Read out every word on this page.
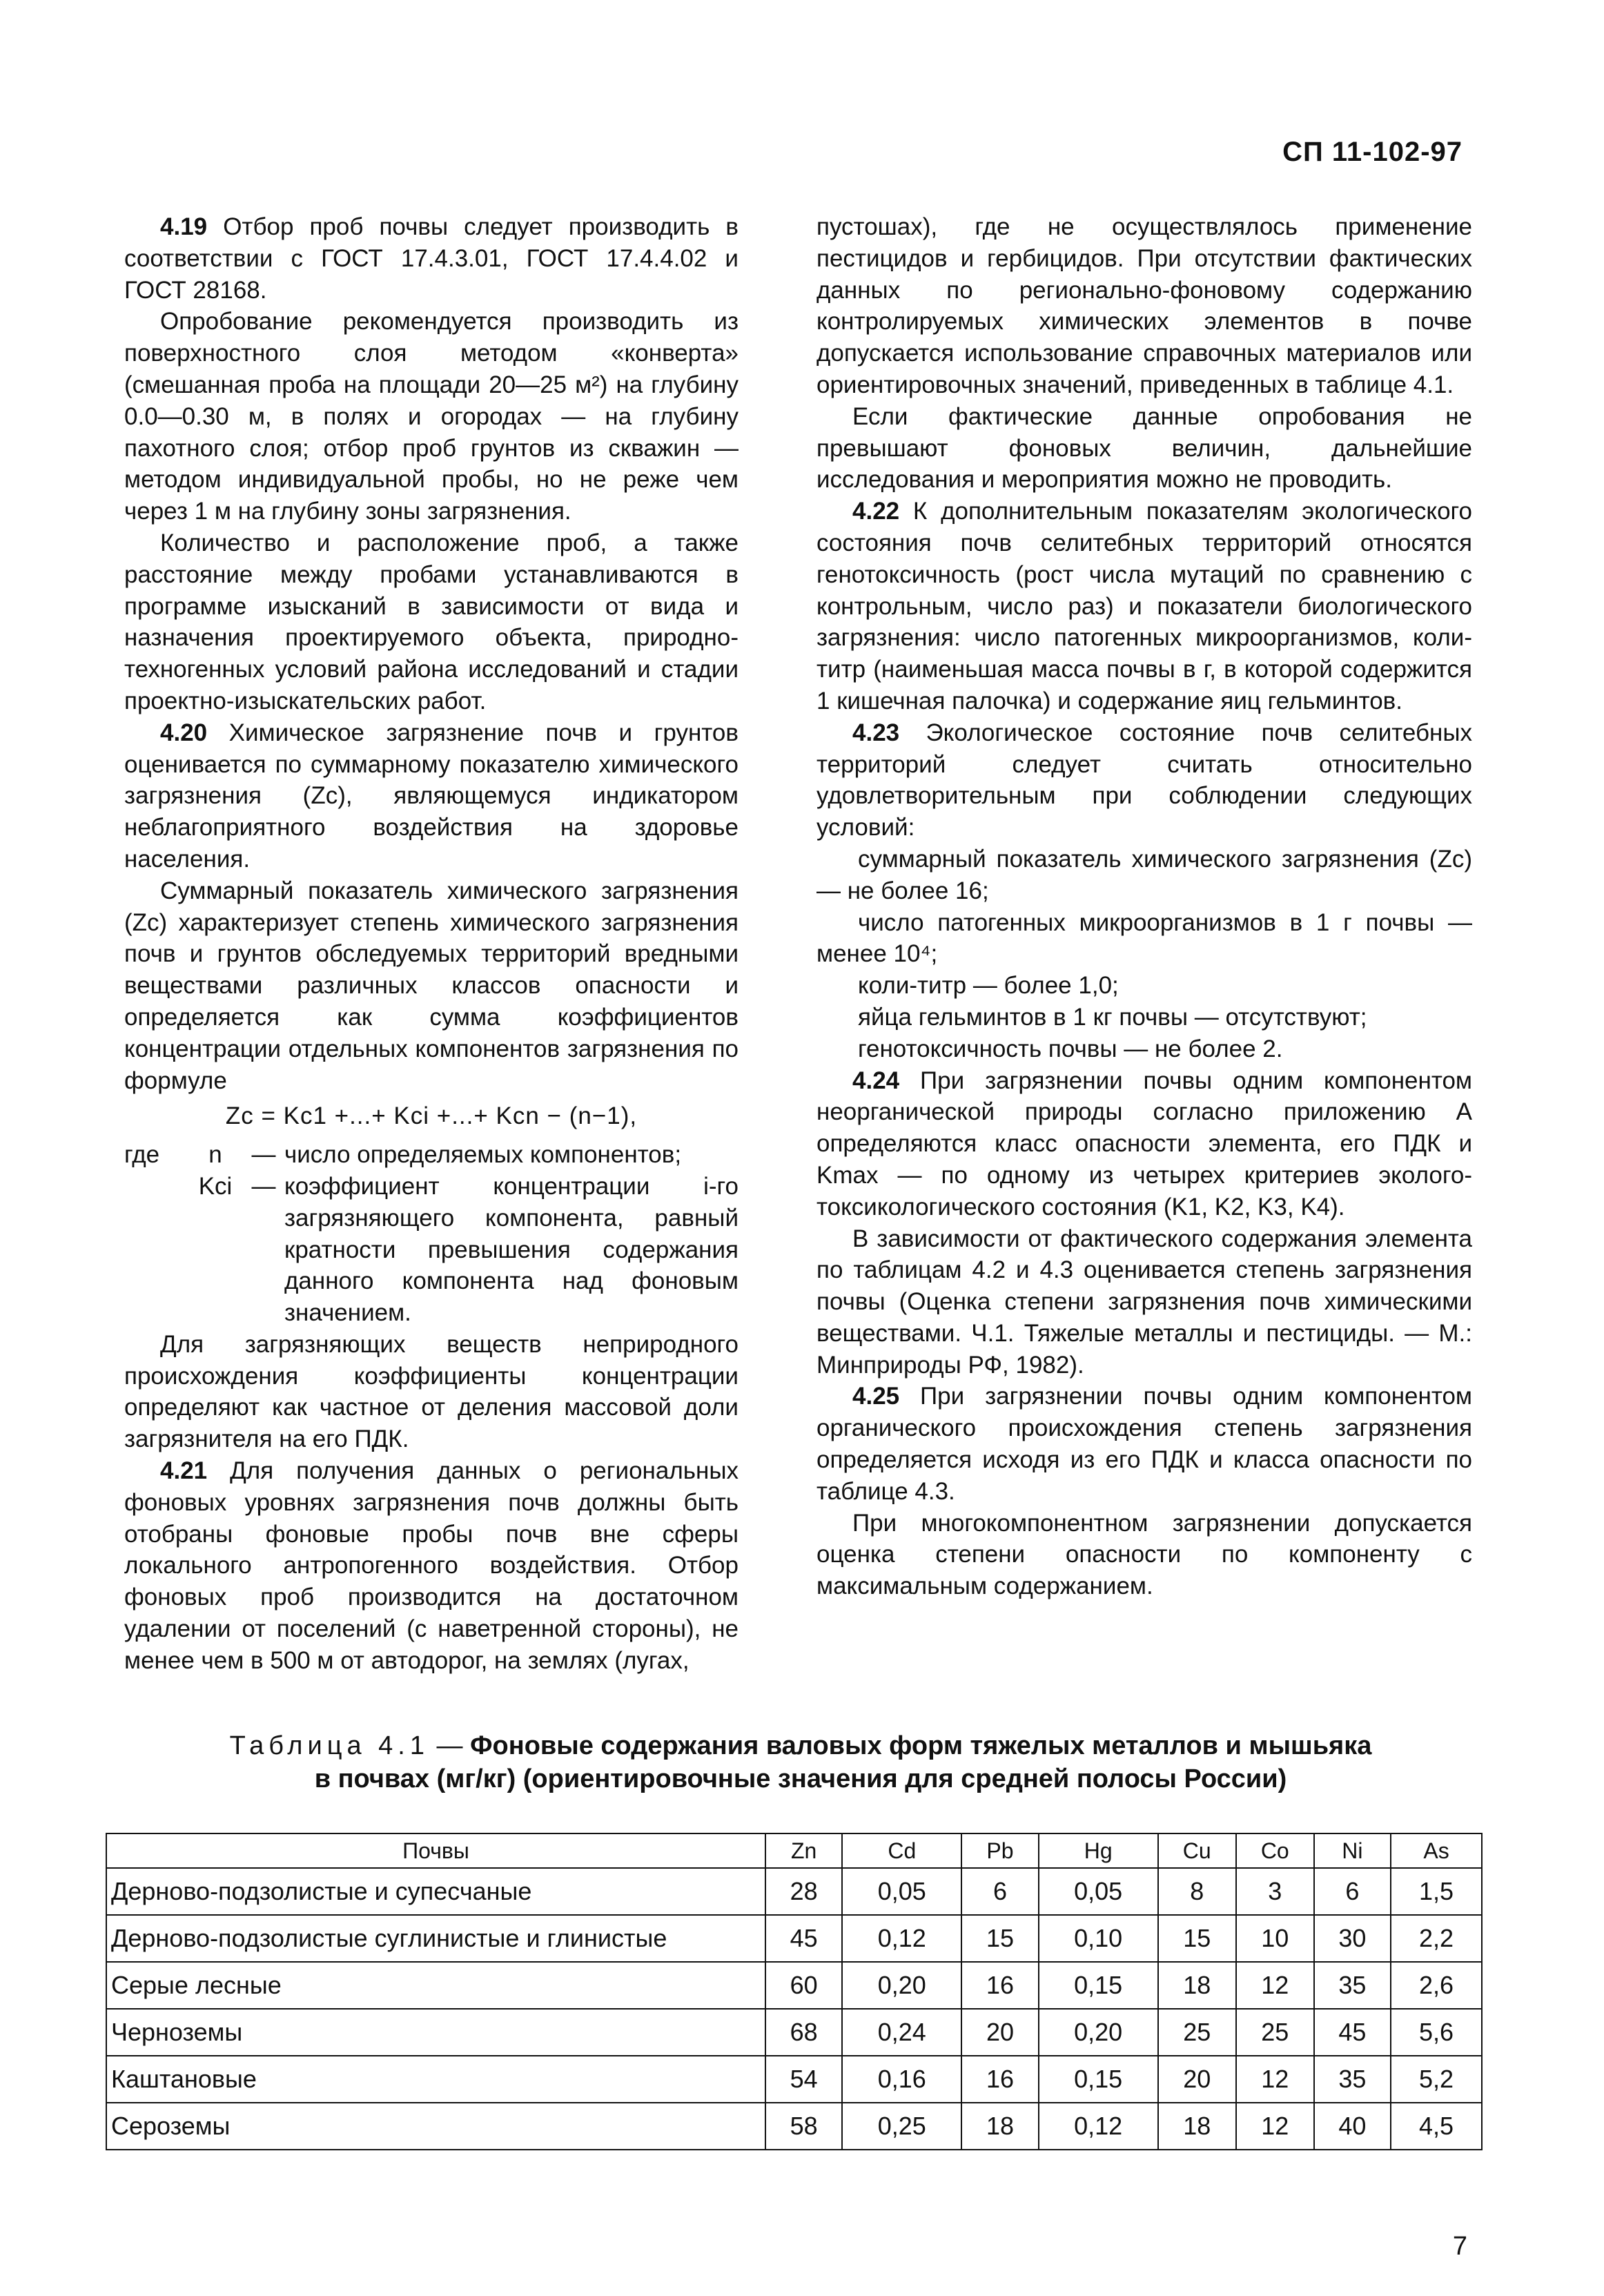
СП 11-102-97

4.19 Отбор проб почвы следует производить в соответствии с ГОСТ 17.4.3.01, ГОСТ 17.4.4.02 и ГОСТ 28168.

Опробование рекомендуется производить из поверхностного слоя методом «конверта» (смешанная проба на площади 20—25 м²) на глубину 0.0—0.30 м, в полях и огородах — на глубину пахотного слоя; отбор проб грунтов из скважин — методом индивидуальной пробы, но не реже чем через 1 м на глубину зоны загрязнения.

Количество и расположение проб, а также расстояние между пробами устанавливаются в программе изысканий в зависимости от вида и назначения проектируемого объекта, природно-техногенных условий района исследований и стадии проектно-изыскательских работ.

4.20 Химическое загрязнение почв и грунтов оценивается по суммарному показателю химического загрязнения (Zc), являющемуся индикатором неблагоприятного воздействия на здоровье населения.

Суммарный показатель химического загрязнения (Zc) характеризует степень химического загрязнения почв и грунтов обследуемых территорий вредными веществами различных классов опасности и определяется как сумма коэффициентов концентрации отдельных компонентов загрязнения по формуле

Zc = Kc1 +...+ Kci +...+ Kcn − (n−1),

где	n	— число определяемых компонентов;
Kci — коэффициент концентрации i-го загрязняющего компонента, равный кратности превышения содержания данного компонента над фоновым значением.

Для загрязняющих веществ неприродного происхождения коэффициенты концентрации определяют как частное от деления массовой доли загрязнителя на его ПДК.

4.21 Для получения данных о региональных фоновых уровнях загрязнения почв должны быть отобраны фоновые пробы почв вне сферы локального антропогенного воздействия. Отбор фоновых проб производится на достаточном удалении от поселений (с наветренной стороны), не менее чем в 500 м от автодорог, на землях (лугах,

пустошах), где не осуществлялось применение пестицидов и гербицидов. При отсутствии фактических данных по регионально-фоновому содержанию контролируемых химических элементов в почве допускается использование справочных материалов или ориентировочных значений, приведенных в таблице 4.1.

Если фактические данные опробования не превышают фоновых величин, дальнейшие исследования и мероприятия можно не проводить.

4.22 К дополнительным показателям экологического состояния почв селитебных территорий относятся генотоксичность (рост числа мутаций по сравнению с контрольным, число раз) и показатели биологического загрязнения: число патогенных микроорганизмов, коли-титр (наименьшая масса почвы в г, в которой содержится 1 кишечная палочка) и содержание яиц гельминтов.

4.23 Экологическое состояние почв селитебных территорий следует считать относительно удовлетворительным при соблюдении следующих условий:

суммарный показатель химического загрязнения (Zc) — не более 16;

число патогенных микроорганизмов в 1 г почвы — менее 10⁴;

коли-титр — более 1,0;

яйца гельминтов в 1 кг почвы — отсутствуют;

генотоксичность почвы — не более 2.

4.24 При загрязнении почвы одним компонентом неорганической природы согласно приложению А определяются класс опасности элемента, его ПДК и Kmax — по одному из четырех критериев эколого-токсикологического состояния (K1, K2, K3, K4).

В зависимости от фактического содержания элемента по таблицам 4.2 и 4.3 оценивается степень загрязнения почвы (Оценка степени загрязнения почв химическими веществами. Ч.1. Тяжелые металлы и пестициды. — М.: Минприроды РФ, 1982).

4.25 При загрязнении почвы одним компонентом органического происхождения степень загрязнения определяется исходя из его ПДК и класса опасности по таблице 4.3.

При многокомпонентном загрязнении допускается оценка степени опасности по компоненту с максимальным содержанием.

Таблица 4.1 — Фоновые содержания валовых форм тяжелых металлов и мышьяка
в почвах (мг/кг) (ориентировочные значения для средней полосы России)
Почвы	Zn	Cd	Pb	Hg	Cu	Co	Ni	As
Дерново-подзолистые и супесчаные	28	0,05	6	0,05	8	3	6	1,5
Дерново-подзолистые суглинистые и глинистые	45	0,12	15	0,10	15	10	30	2,2
Серые лесные	60	0,20	16	0,15	18	12	35	2,6
Черноземы	68	0,24	20	0,20	25	25	45	5,6
Каштановые	54	0,16	16	0,15	20	12	35	5,2
Сероземы	58	0,25	18	0,12	18	12	40	4,5
7
